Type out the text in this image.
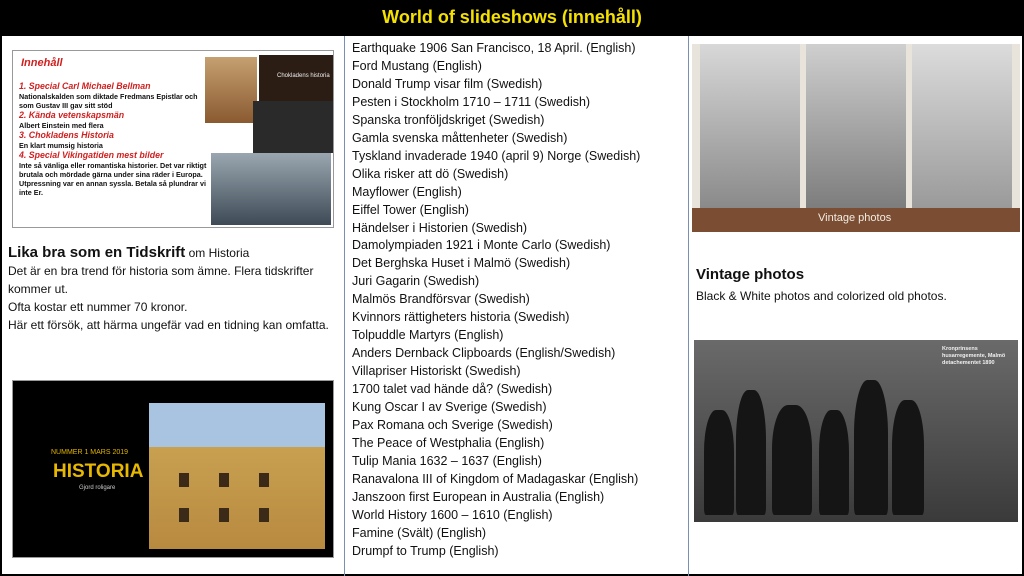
World of slideshows (innehåll)
Innehåll
1. Special Carl Michael Bellman
Nationalskalden som diktade Fredmans Epistlar och som Gustav III gav sitt stöd
2. Kända vetenskapsmän
Albert Einstein med flera
3. Chokladens Historia
En klart mumsig historia
4. Special Vikingatiden mest bilder
Inte så vänliga eller romantiska historier. Det var riktigt brutala och mördade gärna under sina räder i Europa. Utpressning var en annan syssla. Betala så plundrar vi inte Er.
Chokladens historia
Lika bra som en Tidskrift om Historia
Det är en bra trend för historia som ämne. Flera tidskrifter kommer ut.
Ofta kostar ett nummer 70 kronor.
Här ett försök, att härma ungefär vad en tidning kan omfatta.
NUMMER 1 MARS 2019
HISTORIA
Gjord roligare
Earthquake 1906 San Francisco, 18 April. (English)
Ford Mustang (English)
Donald Trump visar film (Swedish)
Pesten i Stockholm 1710 – 1711 (Swedish)
Spanska tronföljdskriget (Swedish)
Gamla svenska måttenheter (Swedish)
Tyskland invaderade 1940 (april 9) Norge (Swedish)
Olika risker att dö (Swedish)
Mayflower (English)
Eiffel Tower (English)
Händelser i Historien (Swedish)
Damolympiaden 1921 i Monte Carlo (Swedish)
Det Berghska Huset i Malmö (Swedish)
Juri Gagarin (Swedish)
Malmös Brandförsvar (Swedish)
Kvinnors rättigheters historia (Swedish)
Tolpuddle Martyrs (English)
Anders Dernback Clipboards (English/Swedish)
Villapriser Historiskt (Swedish)
1700 talet vad hände då? (Swedish)
Kung Oscar I av Sverige (Swedish)
Pax Romana och Sverige (Swedish)
The Peace of Westphalia (English)
Tulip Mania 1632 – 1637 (English)
Ranavalona III of Kingdom of Madagaskar (English)
Janszoon first European in Australia (English)
World History 1600 – 1610 (English)
Famine (Svält) (English)
Drumpf to Trump (English)
Vintage photos
Vintage photos
Black & White photos and colorized old photos.
Kronprinsens husarregemente, Malmö detachementet 1890
